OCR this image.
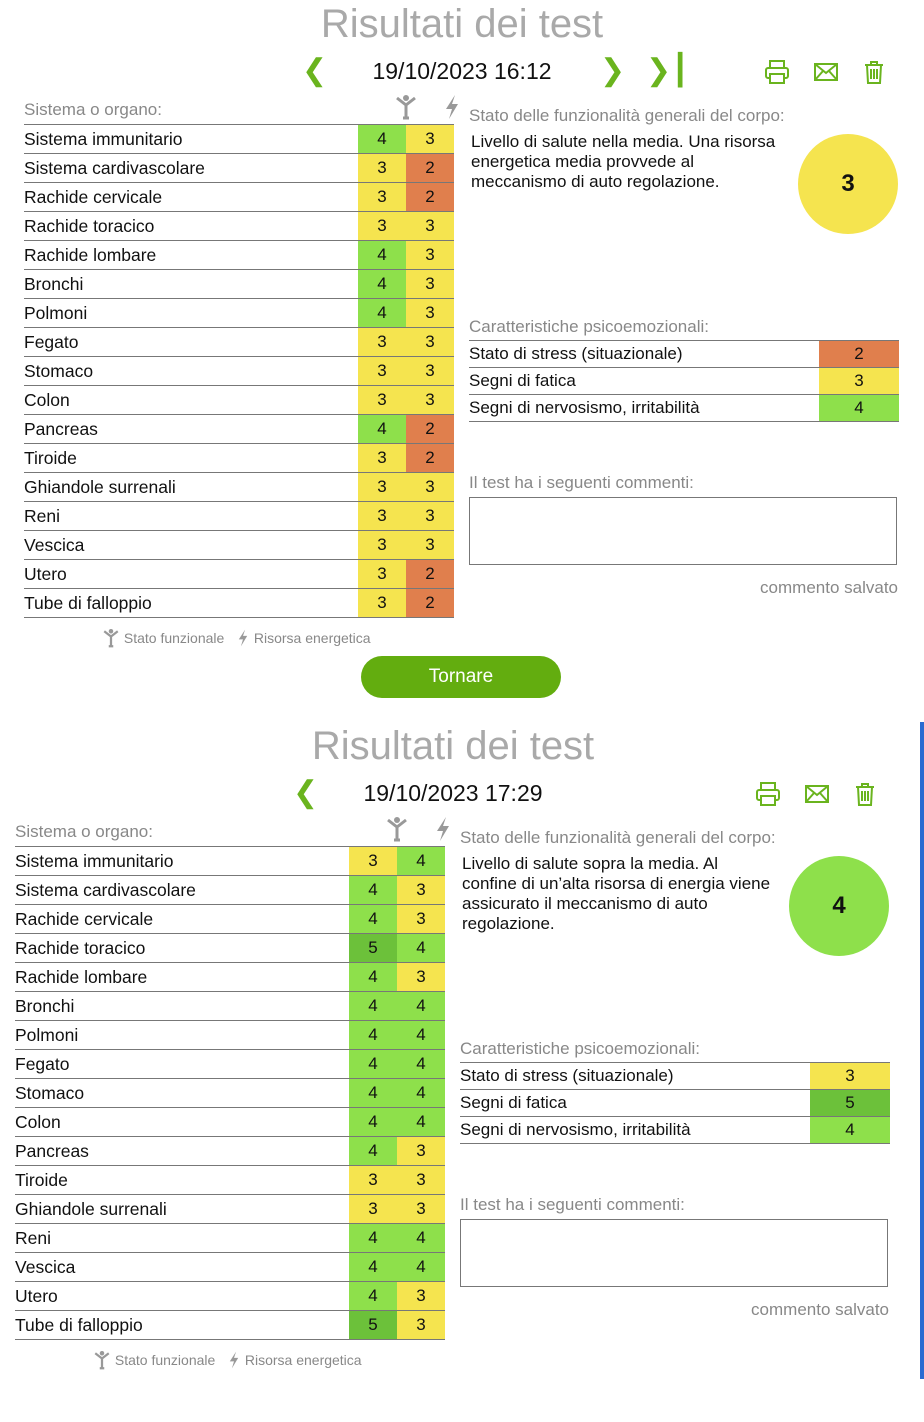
Risultati dei test
❮	19/10/2023 16:12	❯ ❯┃
Sistema o organo:
Sistema immunitario	4	3
Sistema cardivascolare	3	2
Rachide cervicale	3	2
Rachide toracico	3	3
Rachide lombare	4	3
Bronchi	4	3
Polmoni	4	3
Fegato	3	3
Stomaco	3	3
Colon	3	3
Pancreas	4	2
Tiroide	3	2
Ghiandole surrenali	3	3
Reni	3	3
Vescica	3	3
Utero	3	2
Tube di falloppio	3	2
Stato funzionale Risorsa energetica
Stato delle funzionalità generali del corpo:
Livello di salute nella media. Una risorsa energetica media provvede al meccanismo di auto regolazione.	3
Caratteristiche psicoemozionali:
Stato di stress (situazionale)	2
Segni di fatica	3
Segni di nervosismo, irritabilità	4
Il test ha i seguenti commenti:
commento salvato
Tornare
Risultati dei test
❮	19/10/2023 17:29
Sistema o organo:
Sistema immunitario	3	4
Sistema cardivascolare	4	3
Rachide cervicale	4	3
Rachide toracico	5	4
Rachide lombare	4	3
Bronchi	4	4
Polmoni	4	4
Fegato	4	4
Stomaco	4	4
Colon	4	4
Pancreas	4	3
Tiroide	3	3
Ghiandole surrenali	3	3
Reni	4	4
Vescica	4	4
Utero	4	3
Tube di falloppio	5	3
Stato funzionale Risorsa energetica
Stato delle funzionalità generali del corpo:
Livello di salute sopra la media. Al confine di un’alta risorsa di energia viene assicurato il meccanismo di auto regolazione.
4
Caratteristiche psicoemozionali:
Stato di stress (situazionale)	3
Segni di fatica	5
Segni di nervosismo, irritabilità	4
Il test ha i seguenti commenti:
commento salvato
